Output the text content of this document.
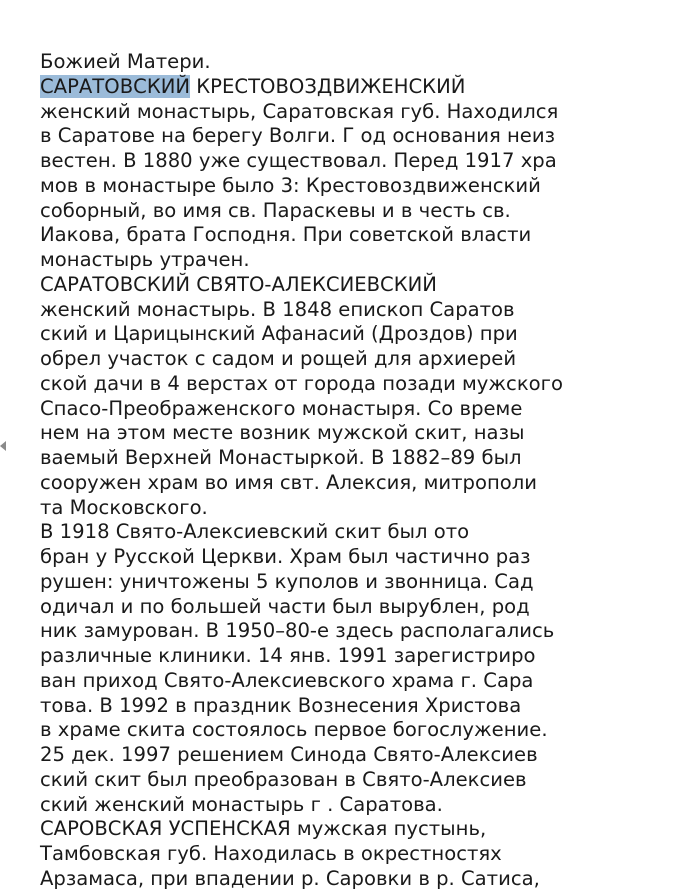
Божией Матери.
САРАТОВСКИЙ КРЕСТОВОЗДВИЖЕНСКИЙ
женский монастырь, Саратовская губ. Находился
в Саратове на берегу Волги. Г од основания неиз
вестен. В 1880 уже существовал. Перед 1917 хра
мов в монастыре было 3: Крестовоздвиженский
соборный, во имя св. Параскевы и в честь св.
Иакова, брата Господня. При советской власти
монастырь утрачен.
САРАТОВСКИЙ СВЯТО-АЛЕКСИЕВСКИЙ
женский монастырь. В 1848 епископ Саратов
ский и Царицынский Афанасий (Дроздов) при
обрел участок с садом и рощей для архиерей
ской дачи в 4 верстах от города позади мужского
Спасо-Преображенского монастыря. Со време
нем на этом месте возник мужской скит, назы
ваемый Верхней Монастыркой. В 1882–89 был
сооружен храм во имя свт. Алексия, митрополи
та Московского.
В 1918 Свято-Алексиевский скит был ото
бран у Русской Церкви. Храм был частично раз
рушен: уничтожены 5 куполов и звонница. Сад
одичал и по большей части был вырублен, род
ник замурован. В 1950–80-е здесь располагались
различные клиники. 14 янв. 1991 зарегистриро
ван приход Свято-Алексиевского храма г. Сара
това. В 1992 в праздник Вознесения Христова
в храме скита состоялось первое богослужение.
25 дек. 1997 решением Синода Свято-Алексиев
ский скит был преобразован в Свято-Алексиев
ский женский монастырь г . Саратова.
САРОВСКАЯ УСПЕНСКАЯ мужская пустынь,
Тамбовская губ. Находилась в окрестностях
Арзамаса, при впадении р. Саровки в р. Сатиса,
